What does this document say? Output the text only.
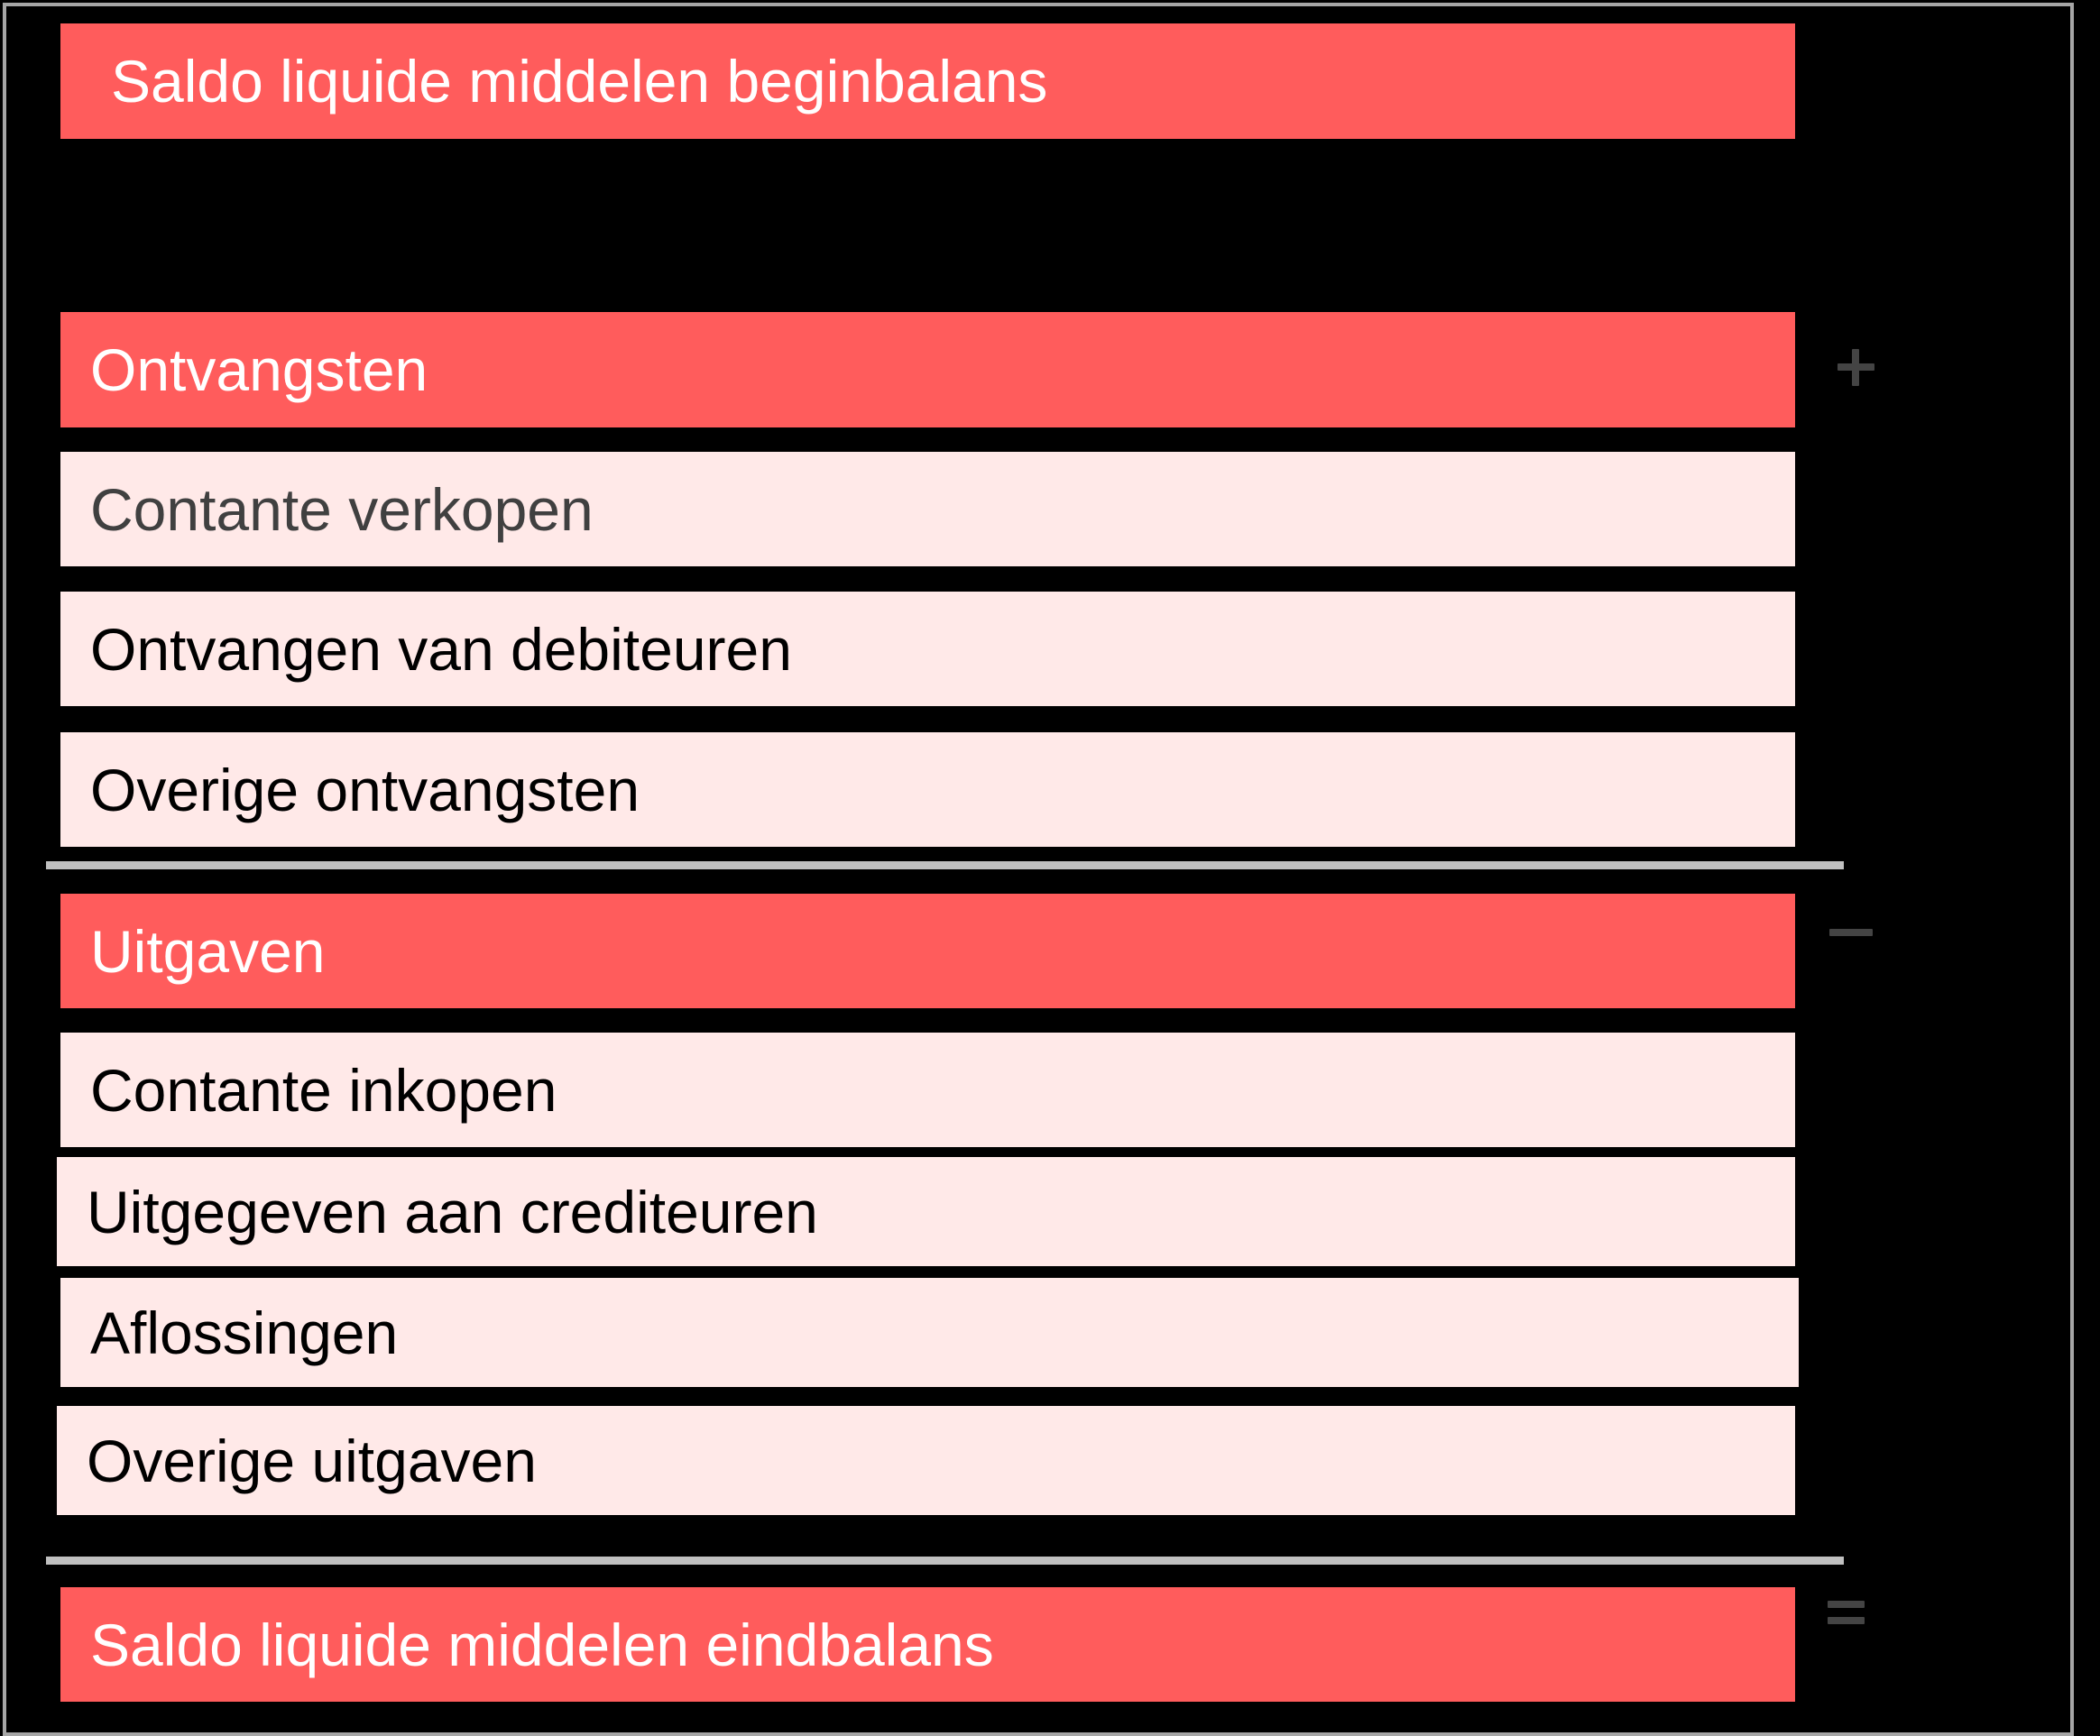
Saldo liquide middelen beginbalans
Ontvangsten
Contante verkopen
Ontvangen van debiteuren
Overige ontvangsten
Uitgaven
Contante inkopen
Uitgegeven aan crediteuren
Aflossingen
Overige uitgaven
Saldo liquide middelen eindbalans
